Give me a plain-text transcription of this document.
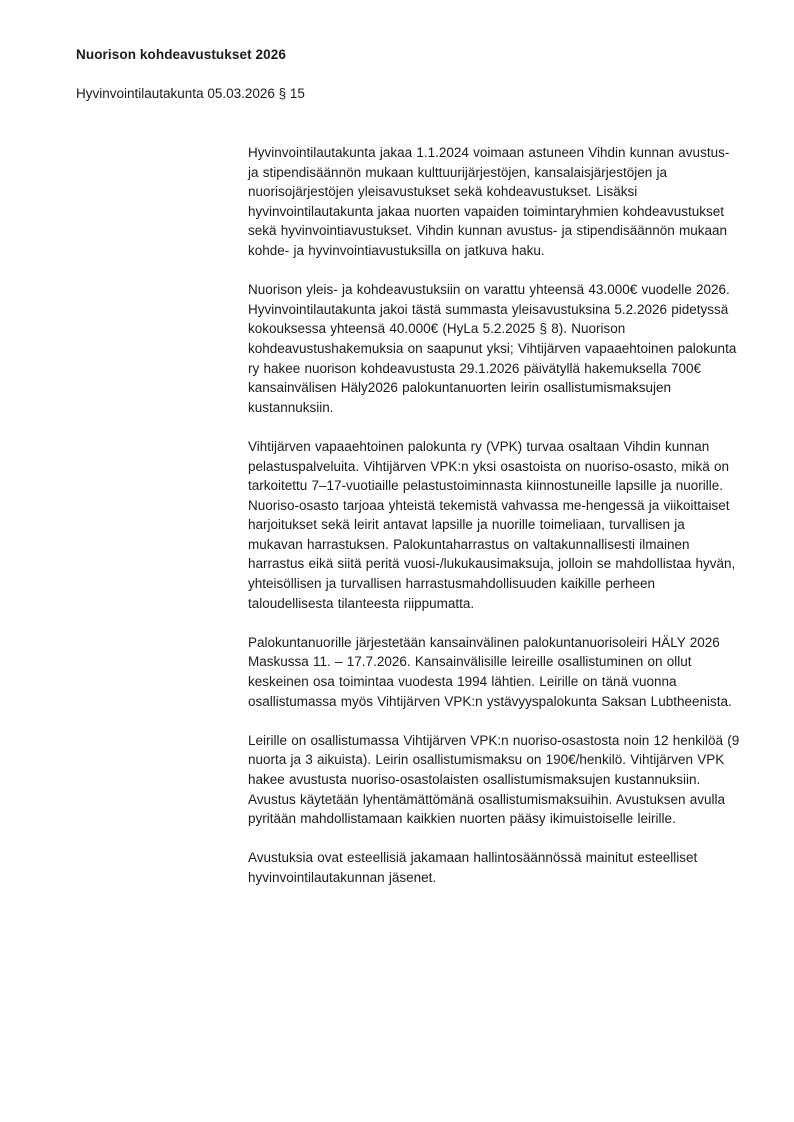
Nuorison kohdeavustukset 2026
Hyvinvointilautakunta 05.03.2026 § 15

Hyvinvointilautakunta jakaa 1.1.2024 voimaan astuneen Vihdin kunnan avustus- ja stipendisäännön mukaan kulttuurijärjestöjen, kansalaisjärjestöjen ja nuorisojärjestöjen yleisavustukset sekä kohdeavustukset. Lisäksi hyvinvointilautakunta jakaa nuorten vapaiden toimintaryhmien kohdeavustukset sekä hyvinvointiavustukset. Vihdin kunnan avustus- ja stipendisäännön mukaan kohde- ja hyvinvointiavustuksilla on jatkuva haku.

Nuorison yleis- ja kohdeavustuksiin on varattu yhteensä 43.000€ vuodelle 2026. Hyvinvointilautakunta jakoi tästä summasta yleisavustuksina 5.2.2026 pidetyssä kokouksessa yhteensä 40.000€ (HyLa 5.2.2025 § 8). Nuorison kohdeavustushakemuksia on saapunut yksi; Vihtijärven vapaaehtoinen palokunta ry hakee nuorison kohdeavustusta 29.1.2026 päivätyllä hakemuksella 700€ kansainvälisen Häly2026 palokuntanuorten leirin osallistumismaksujen kustannuksiin.

Vihtijärven vapaaehtoinen palokunta ry (VPK) turvaa osaltaan Vihdin kunnan pelastuspalveluita. Vihtijärven VPK:n yksi osastoista on nuoriso-osasto, mikä on tarkoitettu 7–17-vuotiaille pelastustoiminnasta kiinnostuneille lapsille ja nuorille. Nuoriso-osasto tarjoaa yhteistä tekemistä vahvassa me-hengessä ja viikoittaiset harjoitukset sekä leirit antavat lapsille ja nuorille toimeliaan, turvallisen ja mukavan harrastuksen. Palokuntaharrastus on valtakunnallisesti ilmainen harrastus eikä siitä peritä vuosi-/lukukausimaksuja, jolloin se mahdollistaa hyvän, yhteisöllisen ja turvallisen harrastusmahdollisuuden kaikille perheen taloudellisesta tilanteesta riippumatta.

Palokuntanuorille järjestetään kansainvälinen palokuntanuorisoleiri HÄLY 2026 Maskussa 11. – 17.7.2026. Kansainvälisille leireille osallistuminen on ollut keskeinen osa toimintaa vuodesta 1994 lähtien. Leirille on tänä vuonna osallistumassa myös Vihtijärven VPK:n ystävyyspalokunta Saksan Lubtheenista.

Leirille on osallistumassa Vihtijärven VPK:n nuoriso-osastosta noin 12 henkilöä (9 nuorta ja 3 aikuista). Leirin osallistumismaksu on 190€/henkilö. Vihtijärven VPK hakee avustusta nuoriso-osastolaisten osallistumismaksujen kustannuksiin. Avustus käytetään lyhentämättömänä osallistumismaksuihin. Avustuksen avulla pyritään mahdollistamaan kaikkien nuorten pääsy ikimuistoiselle leirille.

Avustuksia ovat esteellisiä jakamaan hallintosäännössä mainitut esteelliset hyvinvointilautakunnan jäsenet.
